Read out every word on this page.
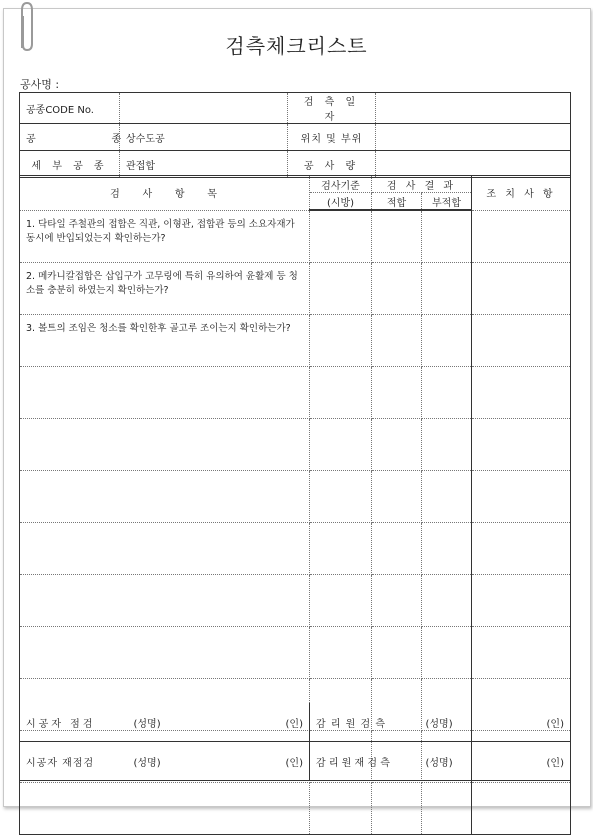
검측체크리스트
공사명 :
공종CODE No.		검 측 일 자	
공          종	상수도공	위치 및 부위	
세 부 공 종	관접합	공 사 량	
검    사    항    목	검사기준	검 사 결 과		조 치 사 항
	(시방)	적합	부적합	
1. 닥타일 주철관의 접합은 직관, 이형관, 접합관 등의 소요자재가 동시에 반입되었는지 확인하는가?				
2. 메카니칼접합은 삽입구가 고무링에 특히 유의하여 윤활제 등 청소를 충분히 하였는지 확인하는가?				
3. 볼트의 조임은 청소를 확인한후 골고루 조이는지 확인하는가?				

시공자 점검	(성명) (인)	감 리 원 검 측	(성명) (인)

시공자 재점검	(성명) (인)	감 리 원 재 검 측	(성명) (인)
